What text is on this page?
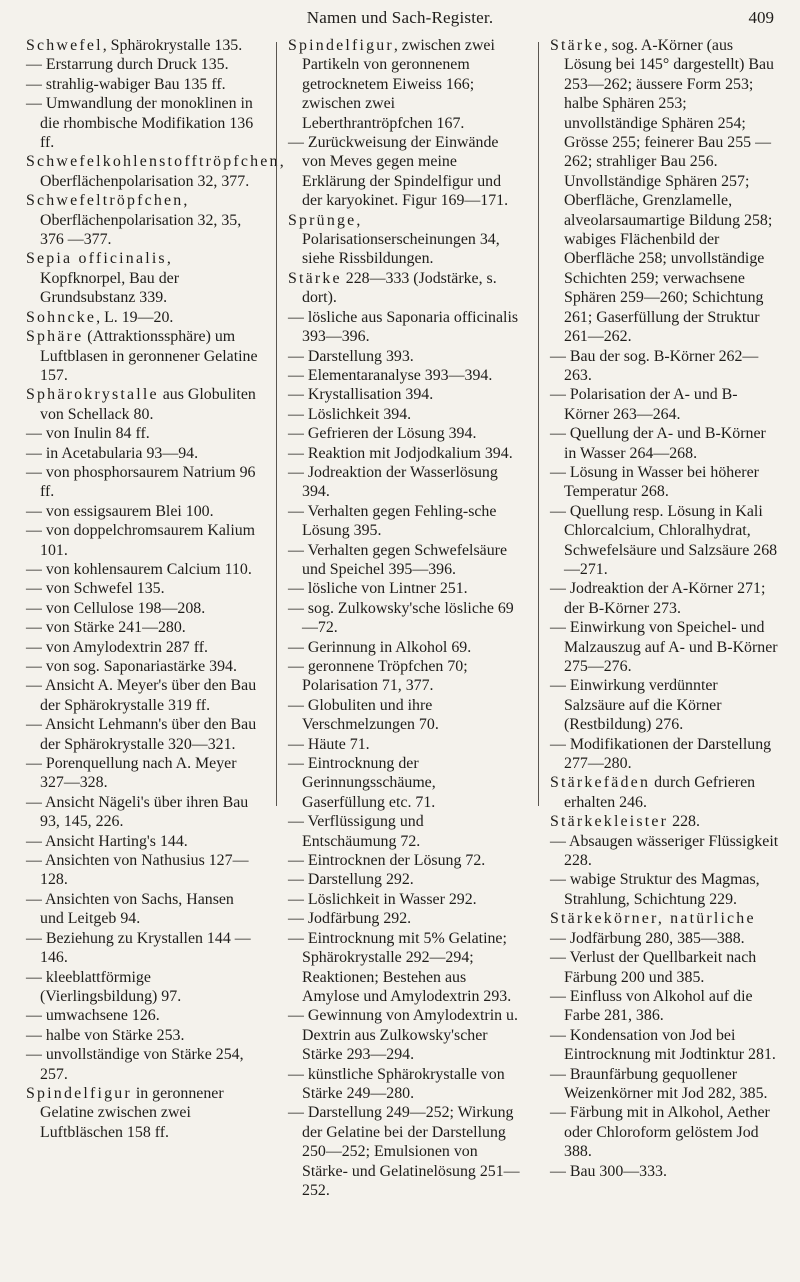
Namen und Sach-Register.	409

Schwefel, Sphärokrystalle 135.

— Erstarrung durch Druck 135.

— strahlig-wabiger Bau 135 ff.

— Umwandlung der monoklinen in die rhombische Modifikation 136 ff.

Schwefelkohlenstofftröpfchen, Oberflächenpolarisation 32, 377.

Schwefeltröpfchen, Oberflächenpolarisation 32, 35, 376 —377.

Sepia officinalis, Kopfknorpel, Bau der Grundsubstanz 339.

Sohncke, L. 19—20.

Sphäre (Attraktionssphäre) um Luftblasen in geronnener Gelatine 157.

Sphärokrystalle aus Globuliten von Schellack 80.

— von Inulin 84 ff.

— in Acetabularia 93—94.

— von phosphorsaurem Natrium 96 ff.

— von essigsaurem Blei 100.

— von doppelchromsaurem Kalium 101.

— von kohlensaurem Calcium 110.

— von Schwefel 135.

— von Cellulose 198—208.

— von Stärke 241—280.

— von Amylodextrin 287 ff.

— von sog. Saponariastärke 394.

— Ansicht A. Meyer's über den Bau der Sphärokrystalle 319 ff.

— Ansicht Lehmann's über den Bau der Sphärokrystalle 320—321.

— Porenquellung nach A. Meyer 327—328.

— Ansicht Nägeli's über ihren Bau 93, 145, 226.

— Ansicht Harting's 144.

— Ansichten von Nathusius 127—128.

— Ansichten von Sachs, Hansen und Leitgeb 94.

— Beziehung zu Krystallen 144 —146.

— kleeblattförmige (Vierlingsbildung) 97.

— umwachsene 126.

— halbe von Stärke 253.

— unvollständige von Stärke 254, 257.

Spindelfigur in geronnener Gelatine zwischen zwei Luftbläschen 158 ff.

Spindelfigur, zwischen zwei Partikeln von geronnenem getrocknetem Eiweiss 166; zwischen zwei Leberthrantröpfchen 167.

— Zurückweisung der Einwände von Meves gegen meine Erklärung der Spindelfigur und der karyokinet. Figur 169—171.

Sprünge, Polarisationserscheinungen 34, siehe Rissbildungen.

Stärke 228—333 (Jodstärke, s. dort).

— lösliche aus Saponaria officinalis 393—396.

— Darstellung 393.

— Elementaranalyse 393—394.

— Krystallisation 394.

— Löslichkeit 394.

— Gefrieren der Lösung 394.

— Reaktion mit Jodjodkalium 394.

— Jodreaktion der Wasserlösung 394.

— Verhalten gegen Fehling-sche Lösung 395.

— Verhalten gegen Schwefelsäure und Speichel 395—396.

— lösliche von Lintner 251.

— sog. Zulkowsky'sche lösliche 69—72.

— Gerinnung in Alkohol 69.

— geronnene Tröpfchen 70; Polarisation 71, 377.

— Globuliten und ihre Verschmelzungen 70.

— Häute 71.

— Eintrocknung der Gerinnungsschäume, Gaserfüllung etc. 71.

— Verflüssigung und Entschäumung 72.

— Eintrocknen der Lösung 72.

— Darstellung 292.

— Löslichkeit in Wasser 292.

— Jodfärbung 292.

— Eintrocknung mit 5% Gelatine; Sphärokrystalle 292—294; Reaktionen; Bestehen aus Amylose und Amylodextrin 293.

— Gewinnung von Amylodextrin u. Dextrin aus Zulkowsky'scher Stärke 293—294.

— künstliche Sphärokrystalle von Stärke 249—280.

— Darstellung 249—252; Wirkung der Gelatine bei der Darstellung 250—252; Emulsionen von Stärke- und Gelatinelösung 251—252.

Stärke, sog. A-Körner (aus Lösung bei 145° dargestellt) Bau 253—262; äussere Form 253; halbe Sphären 253; unvollständige Sphären 254; Grösse 255; feinerer Bau 255 —262; strahliger Bau 256. Unvollständige Sphären 257; Oberfläche, Grenzlamelle, alveolarsaumartige Bildung 258; wabiges Flächenbild der Oberfläche 258; unvollständige Schichten 259; verwachsene Sphären 259—260; Schichtung 261; Gaserfüllung der Struktur 261—262.

— Bau der sog. B-Körner 262—263.

— Polarisation der A- und B-Körner 263—264.

— Quellung der A- und B-Körner in Wasser 264—268.

— Lösung in Wasser bei höherer Temperatur 268.

— Quellung resp. Lösung in Kali Chlorcalcium, Chloralhydrat, Schwefelsäure und Salzsäure 268—271.

— Jodreaktion der A-Körner 271; der B-Körner 273.

— Einwirkung von Speichel- und Malzauszug auf A- und B-Körner 275—276.

— Einwirkung verdünnter Salzsäure auf die Körner (Restbildung) 276.

— Modifikationen der Darstellung 277—280.

Stärkefäden durch Gefrieren erhalten 246.

Stärkekleister 228.

— Absaugen wässeriger Flüssigkeit 228.

— wabige Struktur des Magmas, Strahlung, Schichtung 229.

Stärkekörner, natürliche

— Jodfärbung 280, 385—388.

— Verlust der Quellbarkeit nach Färbung 200 und 385.

— Einfluss von Alkohol auf die Farbe 281, 386.

— Kondensation von Jod bei Eintrocknung mit Jodtinktur 281.

— Braunfärbung gequollener Weizenkörner mit Jod 282, 385.

— Färbung mit in Alkohol, Aether oder Chloroform gelöstem Jod 388.

— Bau 300—333.
